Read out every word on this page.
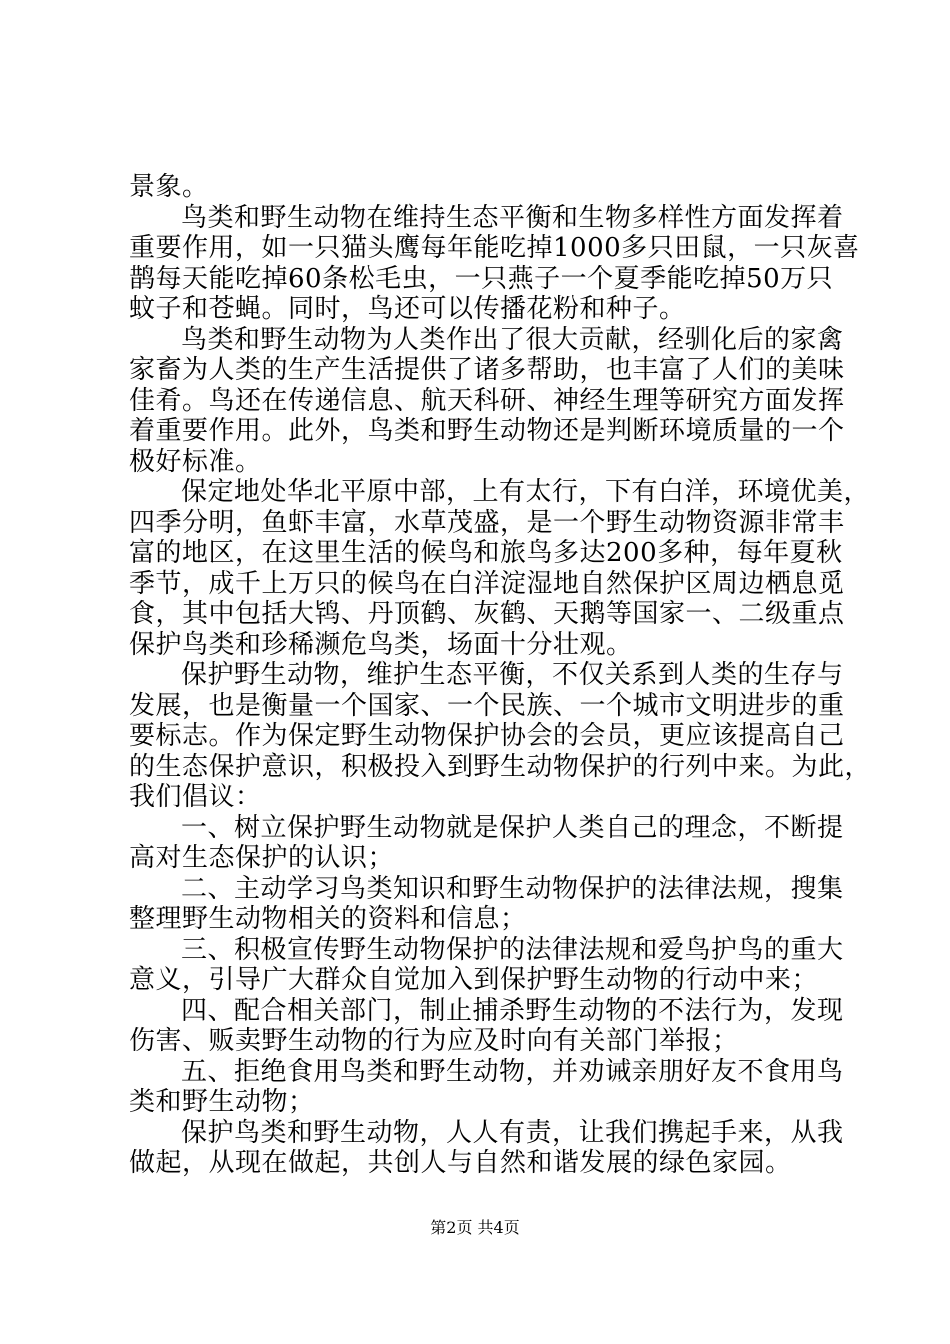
景象。
鸟类和野生动物在维持生态平衡和生物多样性方面发挥着
重要作用，如一只猫头鹰每年能吃掉1000多只田鼠，一只灰喜
鹊每天能吃掉60条松毛虫，一只燕子一个夏季能吃掉50万只
蚊子和苍蝇。同时，鸟还可以传播花粉和种子。
鸟类和野生动物为人类作出了很大贡献，经驯化后的家禽
家畜为人类的生产生活提供了诸多帮助，也丰富了人们的美味
佳肴。鸟还在传递信息、航天科研、神经生理等研究方面发挥
着重要作用。此外，鸟类和野生动物还是判断环境质量的一个
极好标准。
保定地处华北平原中部，上有太行，下有白洋，环境优美，
四季分明，鱼虾丰富，水草茂盛，是一个野生动物资源非常丰
富的地区，在这里生活的候鸟和旅鸟多达200多种，每年夏秋
季节，成千上万只的候鸟在白洋淀湿地自然保护区周边栖息觅
食，其中包括大鸨、丹顶鹤、灰鹤、天鹅等国家一、二级重点
保护鸟类和珍稀濒危鸟类，场面十分壮观。
保护野生动物，维护生态平衡，不仅关系到人类的生存与
发展，也是衡量一个国家、一个民族、一个城市文明进步的重
要标志。作为保定野生动物保护协会的会员，更应该提高自己
的生态保护意识，积极投入到野生动物保护的行列中来。为此，
我们倡议：
一、树立保护野生动物就是保护人类自己的理念，不断提
高对生态保护的认识；
二、主动学习鸟类知识和野生动物保护的法律法规，搜集
整理野生动物相关的资料和信息；
三、积极宣传野生动物保护的法律法规和爱鸟护鸟的重大
意义，引导广大群众自觉加入到保护野生动物的行动中来；
四、配合相关部门，制止捕杀野生动物的不法行为，发现
伤害、贩卖野生动物的行为应及时向有关部门举报；
五、拒绝食用鸟类和野生动物，并劝诫亲朋好友不食用鸟
类和野生动物；
保护鸟类和野生动物，人人有责，让我们携起手来，从我
做起，从现在做起，共创人与自然和谐发展的绿色家园。
第2页 共4页
